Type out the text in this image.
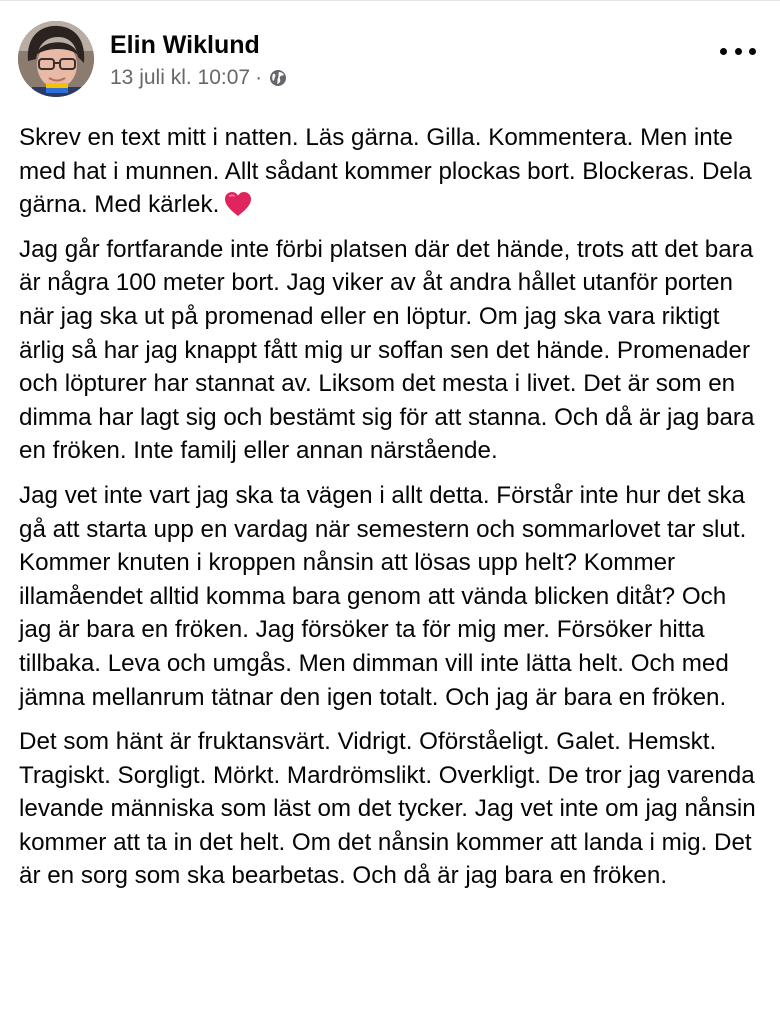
Elin Wiklund
13 juli kl. 10:07 ·

Skrev en text mitt i natten. Läs gärna. Gilla. Kommentera. Men inte med hat i munnen. Allt sådant kommer plockas bort. Blockeras. Dela gärna. Med kärlek.

Jag går fortfarande inte förbi platsen där det hände, trots att det bara är några 100 meter bort. Jag viker av åt andra hållet utanför porten när jag ska ut på promenad eller en löptur. Om jag ska vara riktigt ärlig så har jag knappt fått mig ur soffan sen det hände. Promenader och löpturer har stannat av. Liksom det mesta i livet. Det är som en dimma har lagt sig och bestämt sig för att stanna. Och då är jag bara en fröken. Inte familj eller annan närstående.

Jag vet inte vart jag ska ta vägen i allt detta. Förstår inte hur det ska gå att starta upp en vardag när semestern och sommarlovet tar slut. Kommer knuten i kroppen nånsin att lösas upp helt? Kommer illamåendet alltid komma bara genom att vända blicken ditåt? Och jag är bara en fröken. Jag försöker ta för mig mer. Försöker hitta tillbaka. Leva och umgås. Men dimman vill inte lätta helt. Och med jämna mellanrum tätnar den igen totalt. Och jag är bara en fröken.

Det som hänt är fruktansvärt. Vidrigt. Oförståeligt. Galet. Hemskt. Tragiskt. Sorgligt. Mörkt. Mardrömslikt. Overkligt. De tror jag varenda levande människa som läst om det tycker. Jag vet inte om jag nånsin kommer att ta in det helt. Om det nånsin kommer att landa i mig. Det är en sorg som ska bearbetas. Och då är jag bara en fröken.
